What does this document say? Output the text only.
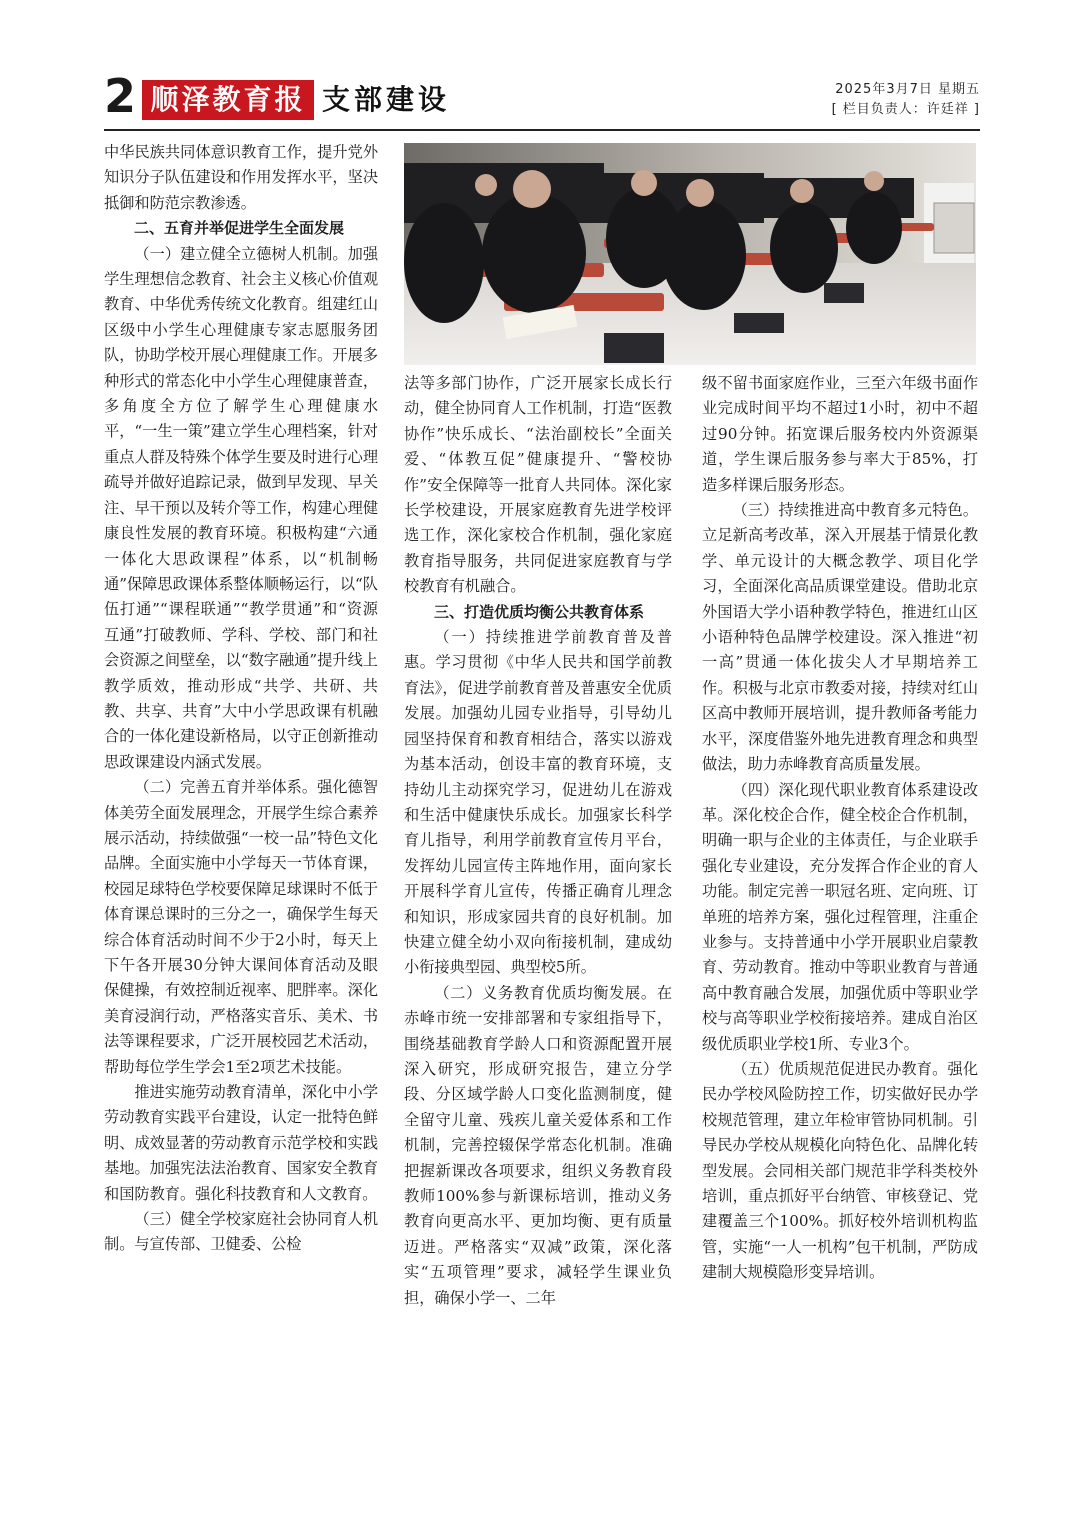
2 顺泽教育报 支部建设	2025年3月7日 星期五
[ 栏目负责人：许廷祥 ]

中华民族共同体意识教育工作，提升党外知识分子队伍建设和作用发挥水平，坚决抵御和防范宗教渗透。

二、五育并举促进学生全面发展

（一）建立健全立德树人机制。加强学生理想信念教育、社会主义核心价值观教育、中华优秀传统文化教育。组建红山区级中小学生心理健康专家志愿服务团队，协助学校开展心理健康工作。开展多种形式的常态化中小学生心理健康普查，多角度全方位了解学生心理健康水平，“一生一策”建立学生心理档案，针对重点人群及特殊个体学生要及时进行心理疏导并做好追踪记录，做到早发现、早关注、早干预以及转介等工作，构建心理健康良性发展的教育环境。积极构建“六通一体化大思政课程”体系，以“机制畅通”保障思政课体系整体顺畅运行，以“队伍打通”“课程联通”“教学贯通”和“资源互通”打破教师、学科、学校、部门和社会资源之间壁垒，以“数字融通”提升线上教学质效，推动形成“共学、共研、共教、共享、共育”大中小学思政课有机融合的一体化建设新格局，以守正创新推动思政课建设内涵式发展。

（二）完善五育并举体系。强化德智体美劳全面发展理念，开展学生综合素养展示活动，持续做强“一校一品”特色文化品牌。全面实施中小学每天一节体育课，校园足球特色学校要保障足球课时不低于体育课总课时的三分之一，确保学生每天综合体育活动时间不少于2小时，每天上下午各开展30分钟大课间体育活动及眼保健操，有效控制近视率、肥胖率。深化美育浸润行动，严格落实音乐、美术、书法等课程要求，广泛开展校园艺术活动，帮助每位学生学会1至2项艺术技能。

推进实施劳动教育清单，深化中小学劳动教育实践平台建设，认定一批特色鲜明、成效显著的劳动教育示范学校和实践基地。加强宪法法治教育、国家安全教育和国防教育。强化科技教育和人文教育。

（三）健全学校家庭社会协同育人机制。与宣传部、卫健委、公检

法等多部门协作，广泛开展家长成长行动，健全协同育人工作机制，打造“医教协作”快乐成长、“法治副校长”全面关爱、“体教互促”健康提升、“警校协作”安全保障等一批育人共同体。深化家长学校建设，开展家庭教育先进学校评选工作，深化家校合作机制，强化家庭教育指导服务，共同促进家庭教育与学校教育有机融合。

三、打造优质均衡公共教育体系

（一）持续推进学前教育普及普惠。学习贯彻《中华人民共和国学前教育法》，促进学前教育普及普惠安全优质发展。加强幼儿园专业指导，引导幼儿园坚持保育和教育相结合，落实以游戏为基本活动，创设丰富的教育环境，支持幼儿主动探究学习，促进幼儿在游戏和生活中健康快乐成长。加强家长科学育儿指导，利用学前教育宣传月平台，发挥幼儿园宣传主阵地作用，面向家长开展科学育儿宣传，传播正确育儿理念和知识，形成家园共育的良好机制。加快建立健全幼小双向衔接机制，建成幼小衔接典型园、典型校5所。

（二）义务教育优质均衡发展。在赤峰市统一安排部署和专家组指导下，围绕基础教育学龄人口和资源配置开展深入研究，形成研究报告，建立分学段、分区域学龄人口变化监测制度，健全留守儿童、残疾儿童关爱体系和工作机制，完善控辍保学常态化机制。准确把握新课改各项要求，组织义务教育段教师100%参与新课标培训，推动义务教育向更高水平、更加均衡、更有质量迈进。严格落实“双减”政策，深化落实“五项管理”要求，减轻学生课业负担，确保小学一、二年

级不留书面家庭作业，三至六年级书面作业完成时间平均不超过1小时，初中不超过90分钟。拓宽课后服务校内外资源渠道，学生课后服务参与率大于85%，打造多样课后服务形态。

（三）持续推进高中教育多元特色。立足新高考改革，深入开展基于情景化教学、单元设计的大概念教学、项目化学习，全面深化高品质课堂建设。借助北京外国语大学小语种教学特色，推进红山区小语种特色品牌学校建设。深入推进“初一高”贯通一体化拔尖人才早期培养工作。积极与北京市教委对接，持续对红山区高中教师开展培训，提升教师备考能力水平，深度借鉴外地先进教育理念和典型做法，助力赤峰教育高质量发展。

（四）深化现代职业教育体系建设改革。深化校企合作，健全校企合作机制，明确一职与企业的主体责任，与企业联手强化专业建设，充分发挥合作企业的育人功能。制定完善一职冠名班、定向班、订单班的培养方案，强化过程管理，注重企业参与。支持普通中小学开展职业启蒙教育、劳动教育。推动中等职业教育与普通高中教育融合发展，加强优质中等职业学校与高等职业学校衔接培养。建成自治区级优质职业学校1所、专业3个。

（五）优质规范促进民办教育。强化民办学校风险防控工作，切实做好民办学校规范管理，建立年检审管协同机制。引导民办学校从规模化向特色化、品牌化转型发展。会同相关部门规范非学科类校外培训，重点抓好平台纳管、审核登记、党建覆盖三个100%。抓好校外培训机构监管，实施“一人一机构”包干机制，严防成建制大规模隐形变异培训。
